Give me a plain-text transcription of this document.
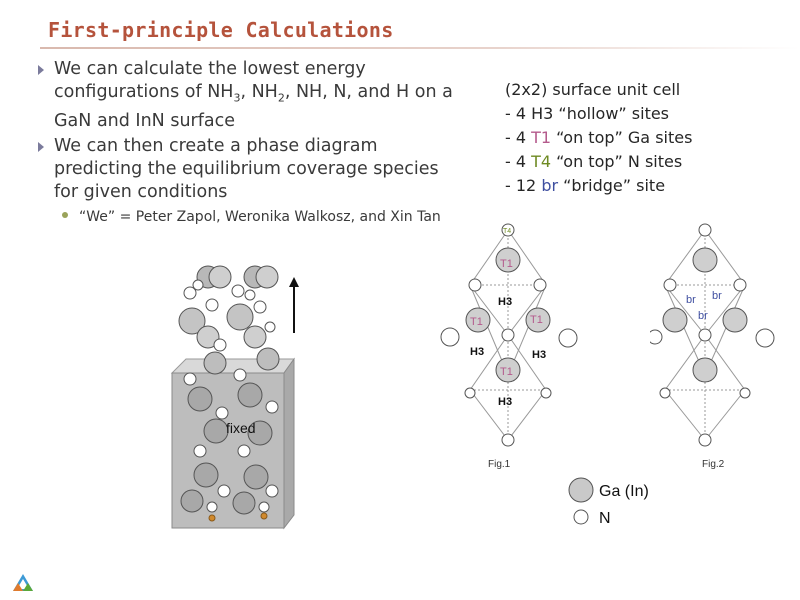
First-principle Calculations
We can calculate the lowest energy configurations of $NH_3$, $NH_2$, NH, N, and H on a GaN and InN surface
We can then create a phase diagram predicting the equilibrium coverage species for given conditions
“We” = Peter Zapol, Weronika Walkosz, and Xin Tan
(2x2) surface unit cell
- 4 H3 “hollow” sites
- 4 T1 “on top” Ga sites
- 4 T4 “on top” N sites
- 12 br “bridge” site
fixed
T4
T1
H3
T1	T1
H3	H3
T1
H3
Fig.1
br br
br
Fig.2
Ga (In)
N
